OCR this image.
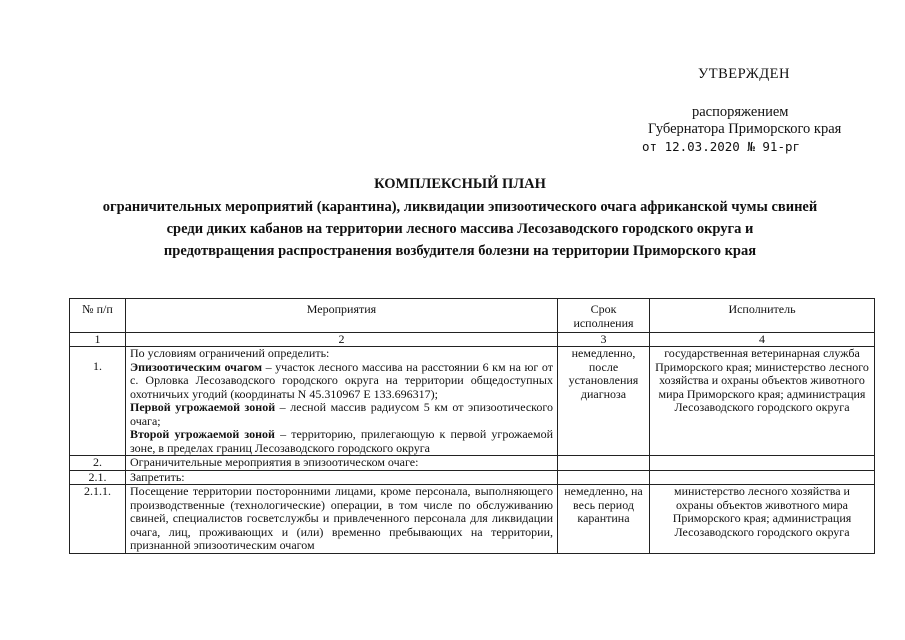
УТВЕРЖДЕН
распоряжением
Губернатора Приморского края
от 12.03.2020 № 91-рг
КОМПЛЕКСНЫЙ ПЛАН
ограничительных мероприятий (карантина), ликвидации эпизоотического очага африканской чумы свиней
среди диких кабанов на территории лесного массива Лесозаводского городского округа и
предотвращения распространения возбудителя болезни на территории Приморского края
№ п/п	Мероприятия	Срок исполнения	Исполнитель
1	2	3	4
1.	По условиям ограничений определить:

Эпизоотическим очагом – участок лесного массива на расстоянии 6 км на юг от с. Орловка Лесозаводского городского округа на территории общедоступных охотничьих угодий (координаты N 45.310967 E 133.696317);

Первой угрожаемой зоной – лесной массив радиусом 5 км от эпизоотического очага;

Второй угрожаемой зоной – территорию, прилегающую к первой угрожаемой зоне, в пределах границ Лесозаводского городского округа	немедленно, после установления диагноза	государственная ветеринарная служба Приморского края; министерство лесного хозяйства и охраны объектов животного мира Приморского края; администрация Лесозаводского городского округа
2.	Ограничительные мероприятия в эпизоотическом очаге:		
2.1.	Запретить:		
2.1.1.	Посещение территории посторонними лицами, кроме персонала, выполняющего производственные (технологические) операции, в том числе по обслуживанию свиней, специалистов госветслужбы и привлеченного персонала для ликвидации очага, лиц, проживающих и (или) временно пребывающих на территории, признанной эпизоотическим очагом	немедленно, на весь период карантина	министерство лесного хозяйства и охраны объектов животного мира Приморского края; администрация Лесозаводского городского округа
